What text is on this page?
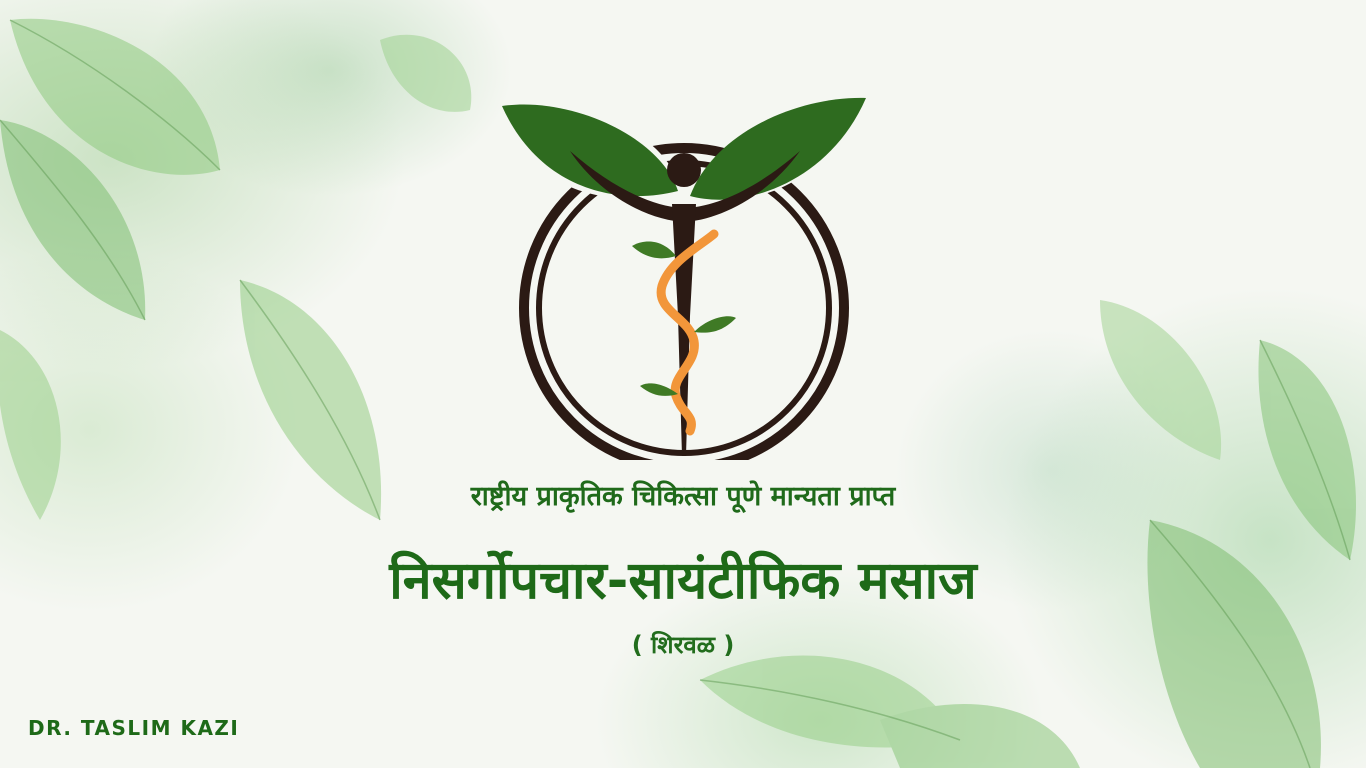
राष्ट्रीय प्राकृतिक चिकित्सा पूणे मान्यता प्राप्त
निसर्गोपचार-सायंटीफिक मसाज
( शिरवळ )
DR. TASLIM KAZI
